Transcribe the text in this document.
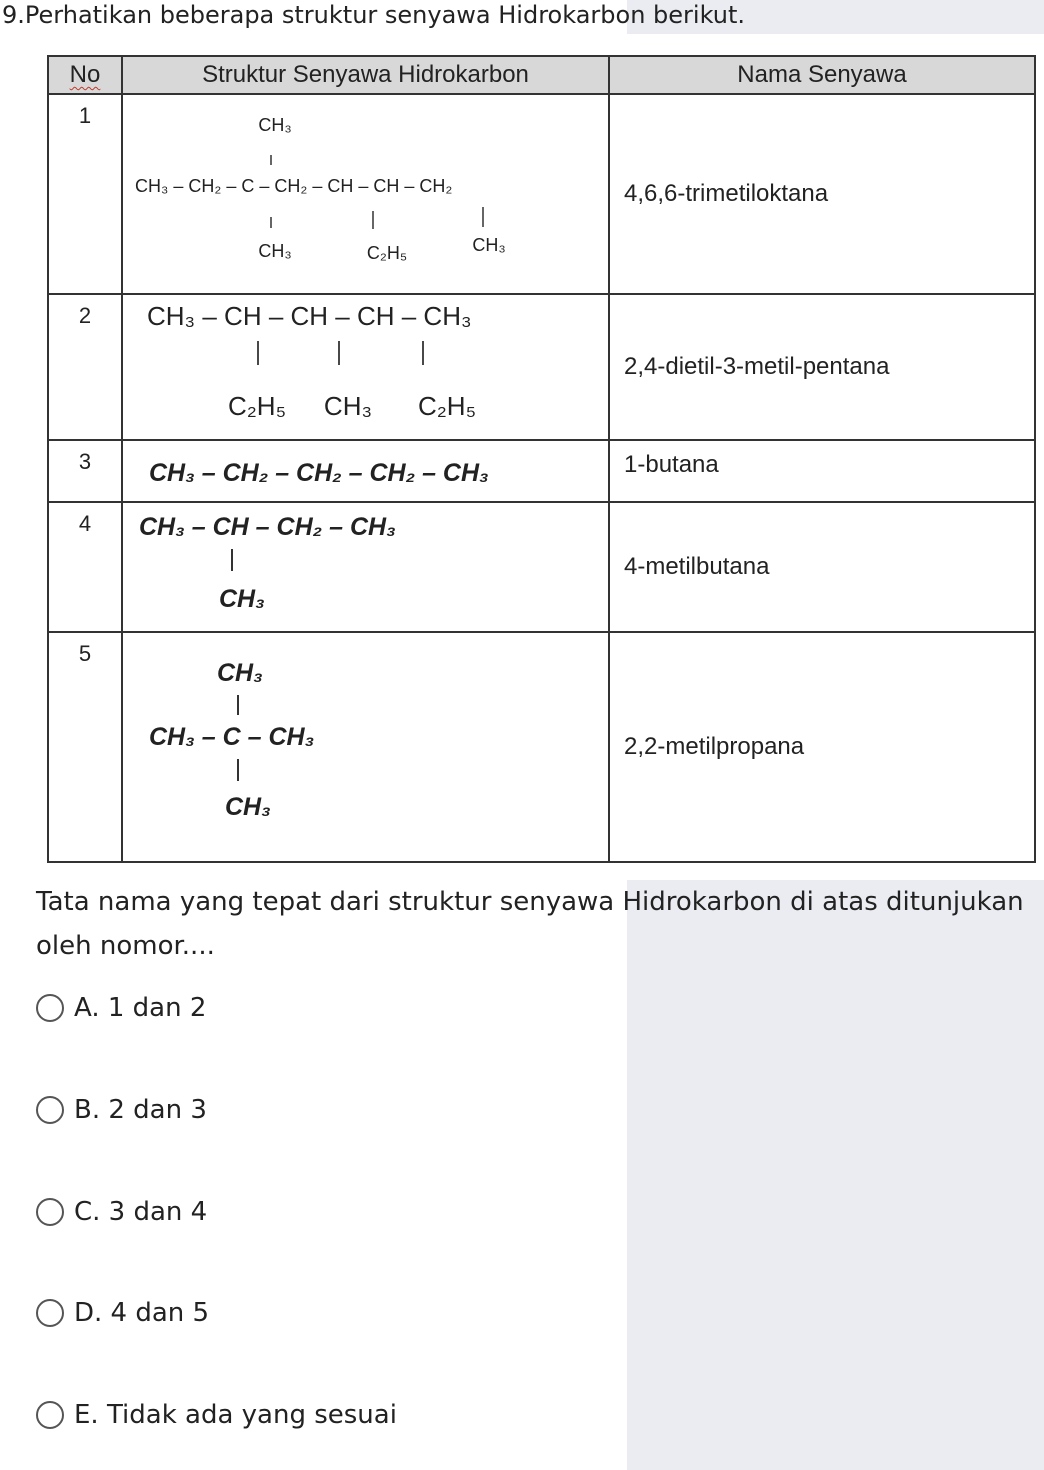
9.Perhatikan beberapa struktur senyawa Hidrokarbon berikut.
No	Struktur Senyawa Hidrokarbon	Nama Senyawa
1	CH₃
CH₃ – CH₂ – C – CH₂ – CH – CH – CH₂
CH₃ C₂H₅ CH₃	4,6,6-trimetiloktana
2	CH₃ – CH – CH – CH – CH₃
C₂H₅ CH₃ C₂H₅	2,4-dietil-3-metil-pentana
3	CH₃ – CH₂ – CH₂ – CH₂ – CH₃	1-butana
4	CH₃ – CH – CH₂ – CH₃
CH₃	4-metilbutana
5	CH₃
CH₃ – C – CH₃
CH₃	2,2-metilpropana
Tata nama yang tepat dari struktur senyawa Hidrokarbon di atas ditunjukan oleh nomor....
A. 1 dan 2
B. 2 dan 3
C. 3 dan 4
D. 4 dan 5
E. Tidak ada yang sesuai
